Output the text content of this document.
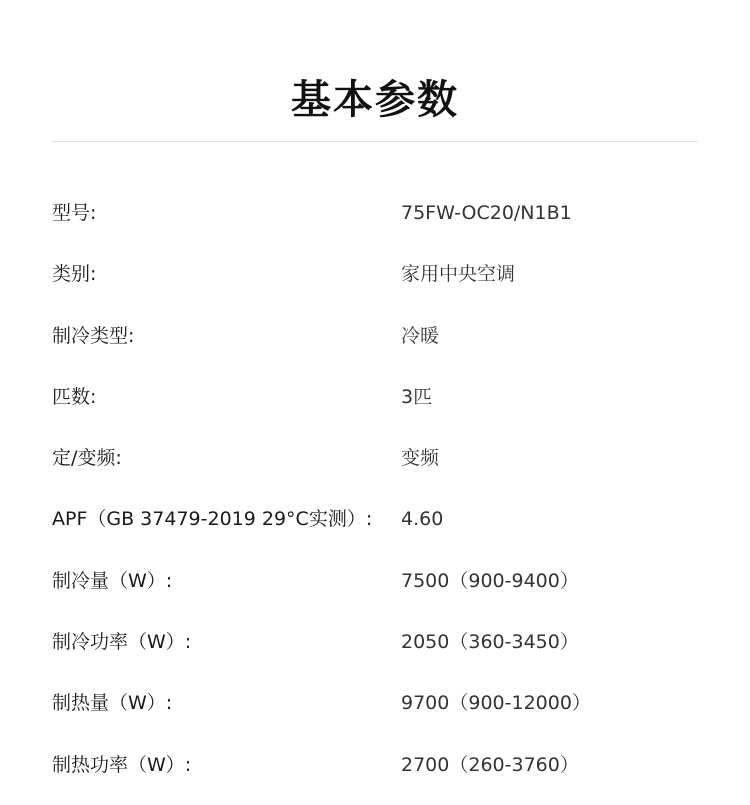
基本参数
型号:	75FW-OC20/N1B1
类别:	家用中央空调
制冷类型:	冷暖
匹数:	3匹
定/变频:	变频
APF（GB 37479-2019 29°C实测）: 4.60
制冷量（W）:	7500（900-9400）
制冷功率（W）:	2050（360-3450）
制热量（W）:	9700（900-12000）
制热功率（W）:	2700（260-3760）
